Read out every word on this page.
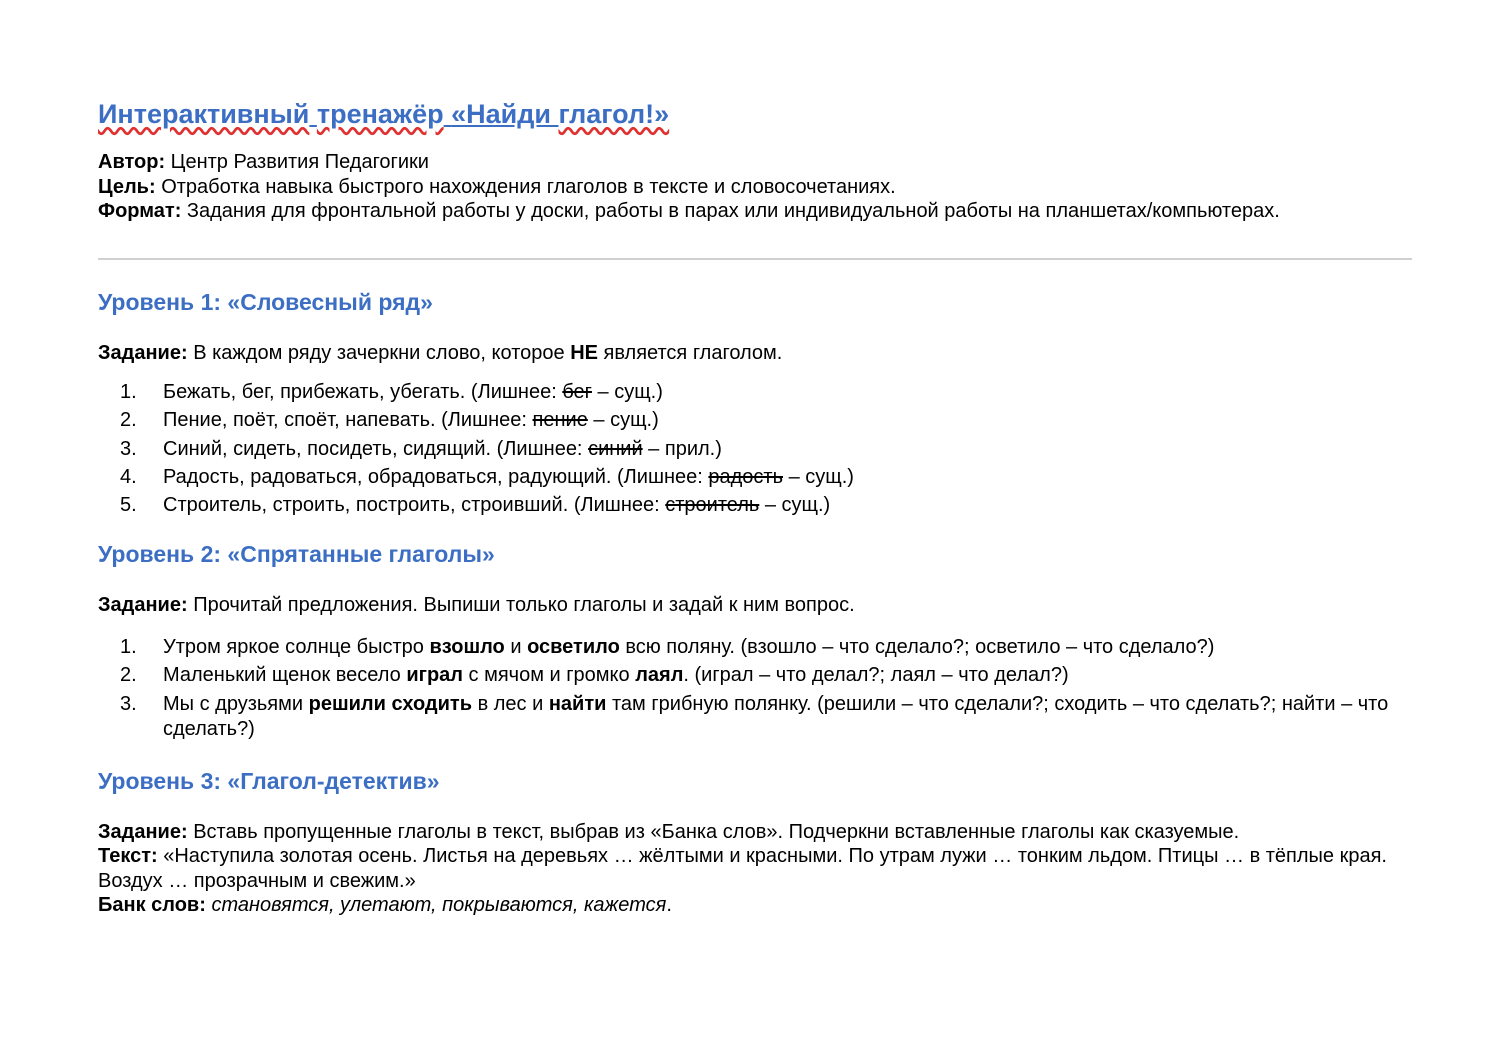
Интерактивный тренажёр «Найди глагол!»

Автор: Центр Развития Педагогики

Цель: Отработка навыка быстрого нахождения глаголов в тексте и словосочетаниях.

Формат: Задания для фронтальной работы у доски, работы в парах или индивидуальной работы на планшетах/компьютерах.

Уровень 1: «Словесный ряд»

Задание: В каждом ряду зачеркни слово, которое НЕ является глаголом.

1. Бежать, бег, прибежать, убегать. (Лишнее: бег – сущ.)
2. Пение, поёт, споёт, напевать. (Лишнее: пение – сущ.)
3. Синий, сидеть, посидеть, сидящий. (Лишнее: синий – прил.)
4. Радость, радоваться, обрадоваться, радующий. (Лишнее: радость – сущ.)
5. Строитель, строить, построить, строивший. (Лишнее: строитель – сущ.)
Уровень 2: «Спрятанные глаголы»

Задание: Прочитай предложения. Выпиши только глаголы и задай к ним вопрос.

1. Утром яркое солнце быстро взошло и осветило всю поляну. (взошло – что сделало?; осветило – что сделало?)
2. Маленький щенок весело играл с мячом и громко лаял. (играл – что делал?; лаял – что делал?)
3. Мы с друзьями решили сходить в лес и найти там грибную полянку. (решили – что сделали?; сходить – что сделать?; найти – что сделать?)
Уровень 3: «Глагол-детектив»

Задание: Вставь пропущенные глаголы в текст, выбрав из «Банка слов». Подчеркни вставленные глаголы как сказуемые.

Текст: «Наступила золотая осень. Листья на деревьях … жёлтыми и красными. По утрам лужи … тонким льдом. Птицы … в тёплые края. Воздух … прозрачным и свежим.»

Банк слов: становятся, улетают, покрываются, кажется.
